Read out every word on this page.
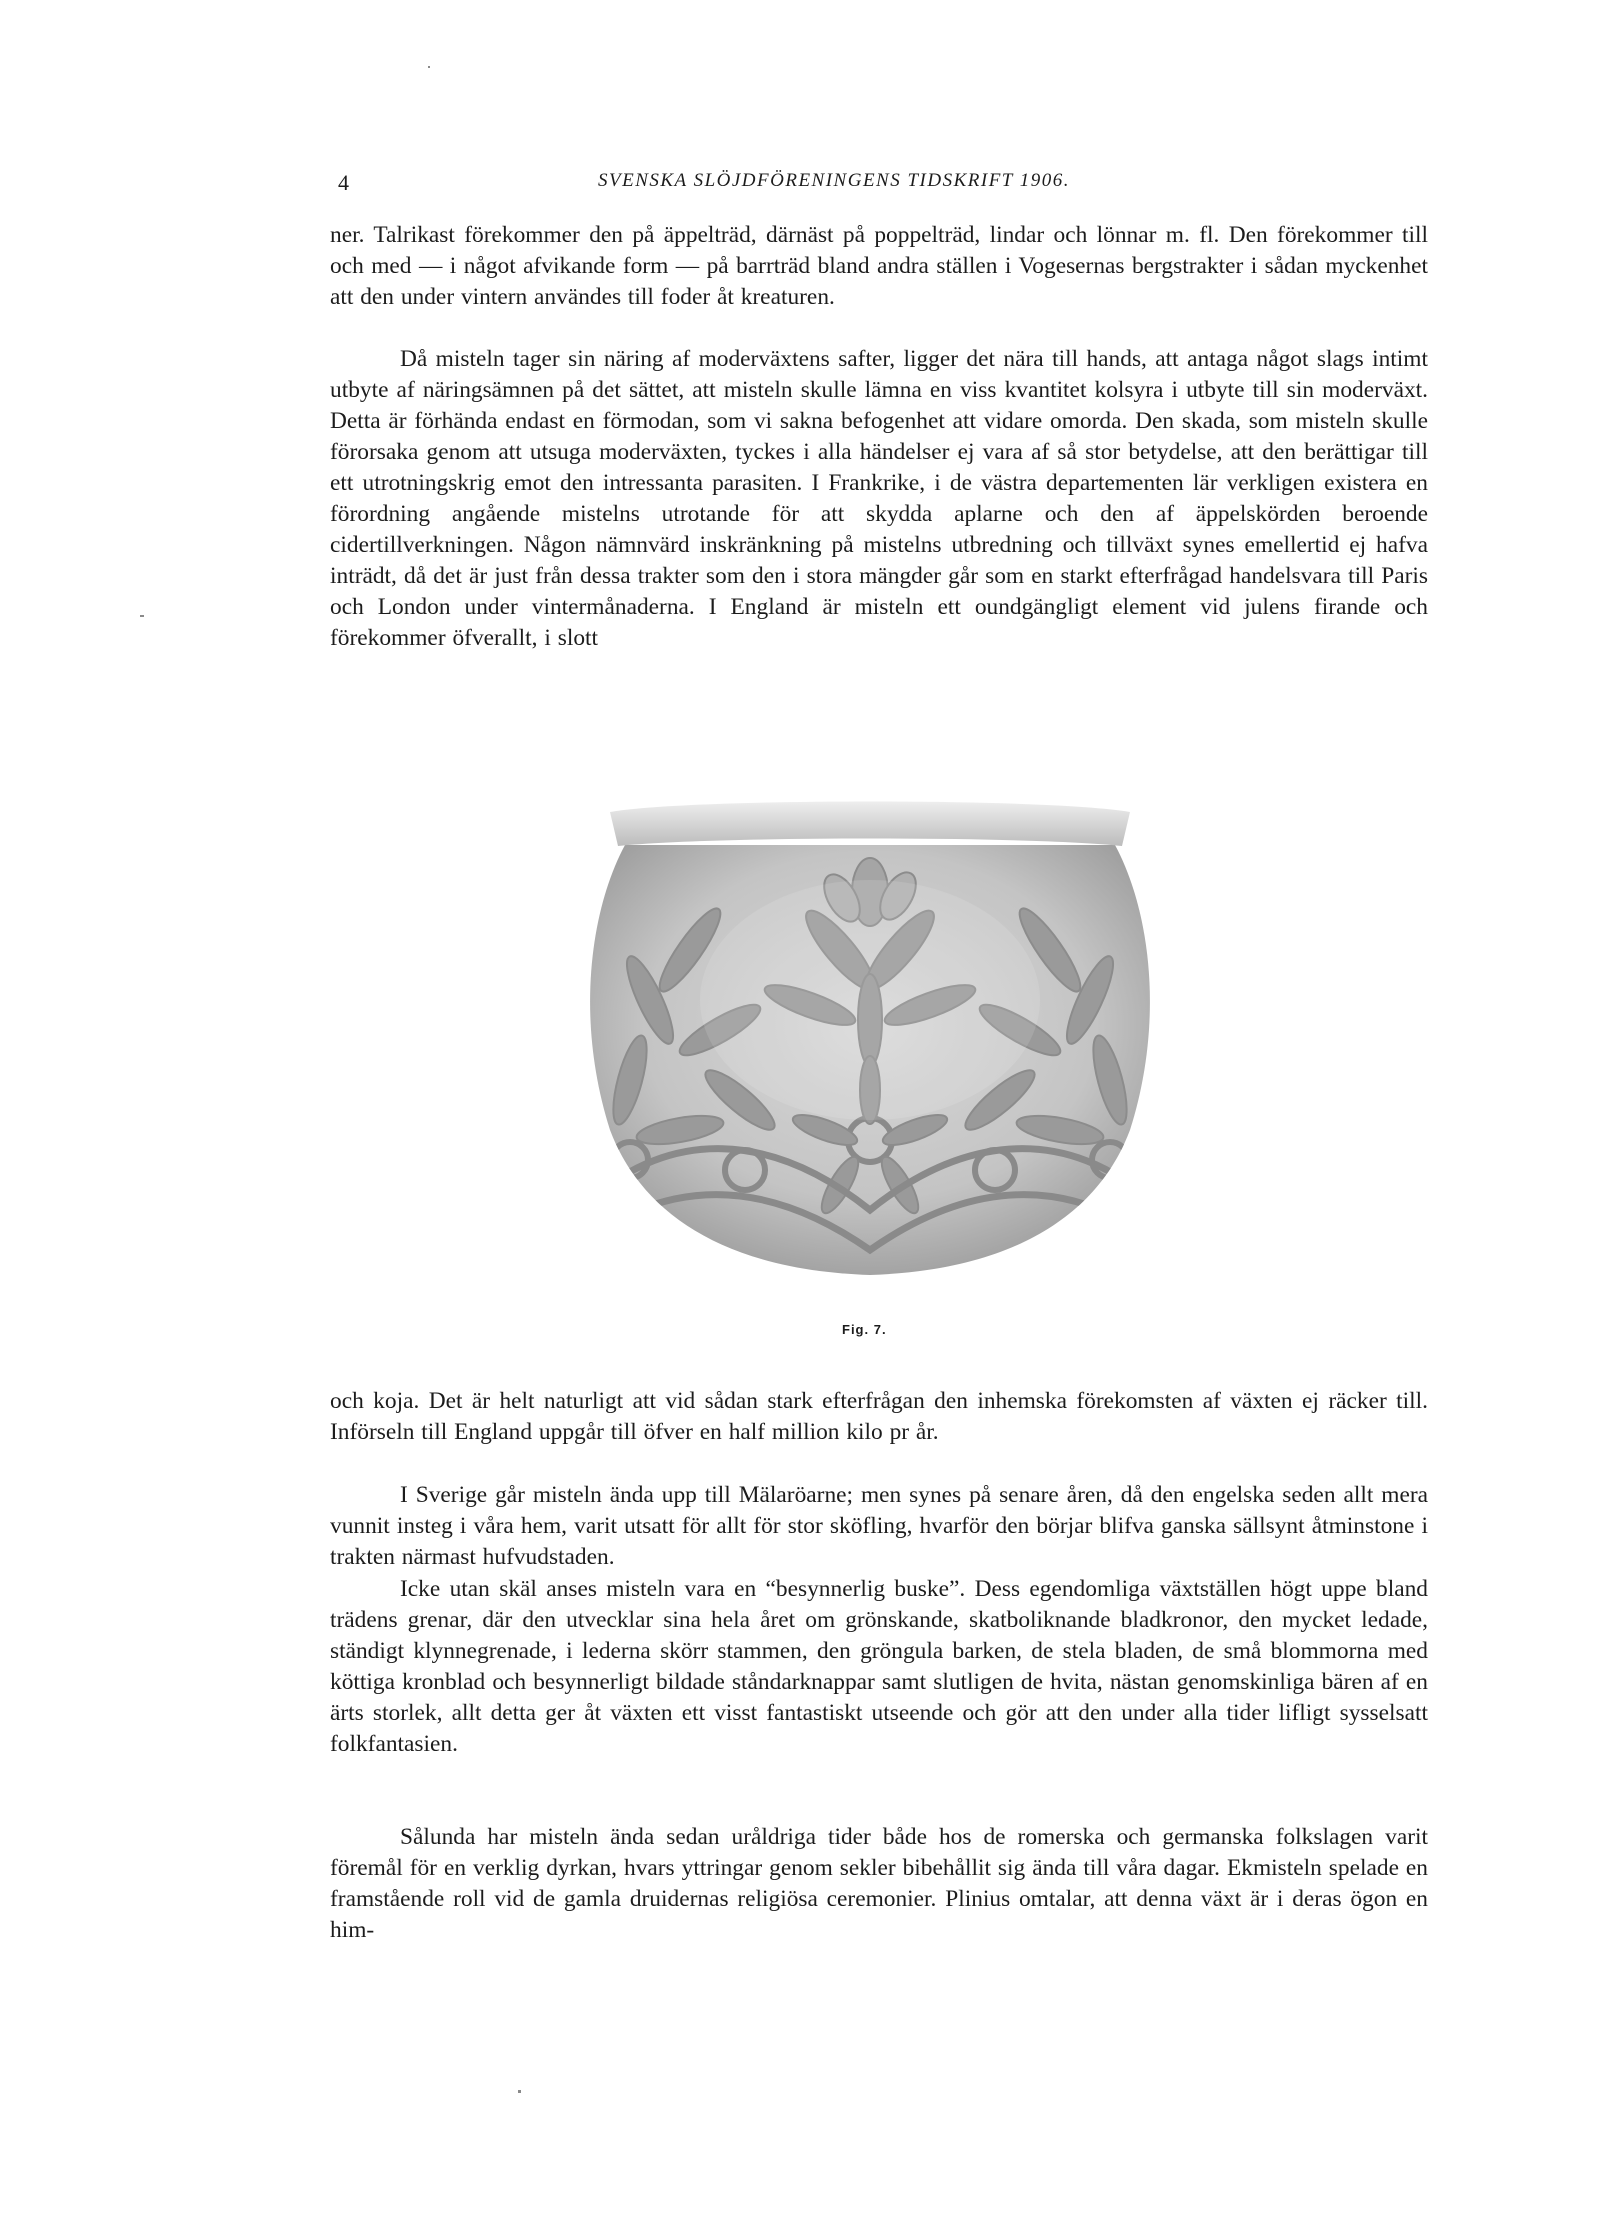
4	SVENSKA SLÖJDFÖRENINGENS TIDSKRIFT 1906.

ner. Talrikast förekommer den på äppelträd, därnäst på poppelträd, lindar och lönnar m. fl. Den förekommer till och med — i något afvikande form — på barrträd bland andra ställen i Vogesernas bergstrakter i sådan myckenhet att den under vintern användes till foder åt kreaturen.

Då misteln tager sin näring af moderväxtens safter, ligger det nära till hands, att antaga något slags intimt utbyte af näringsämnen på det sättet, att misteln skulle lämna en viss kvantitet kolsyra i utbyte till sin moderväxt. Detta är förhända endast en förmodan, som vi sakna befogenhet att vidare omorda. Den skada, som misteln skulle förorsaka genom att utsuga moderväxten, tyckes i alla händelser ej vara af så stor betydelse, att den berättigar till ett utrotningskrig emot den intressanta parasiten. I Frankrike, i de västra departementen lär verkligen existera en förordning angående mistelns utrotande för att skydda aplarne och den af äppelskörden beroende cidertillverkningen. Någon nämnvärd inskränkning på mistelns utbredning och tillväxt synes emellertid ej hafva inträdt, då det är just från dessa trakter som den i stora mängder går som en starkt efterfrågad handelsvara till Paris och London under vintermånaderna. I England är misteln ett oundgängligt element vid julens firande och förekommer öfverallt, i slott

Fig. 7.

och koja. Det är helt naturligt att vid sådan stark efterfrågan den inhemska förekomsten af växten ej räcker till. Införseln till England uppgår till öfver en half million kilo pr år.

I Sverige går misteln ända upp till Mälaröarne; men synes på senare åren, då den engelska seden allt mera vunnit insteg i våra hem, varit utsatt för allt för stor sköfling, hvarför den börjar blifva ganska sällsynt åtminstone i trakten närmast hufvudstaden.

Icke utan skäl anses misteln vara en “besynnerlig buske”. Dess egendomliga växtställen högt uppe bland trädens grenar, där den utvecklar sina hela året om grönskande, skatboliknande bladkronor, den mycket ledade, ständigt klynnegrenade, i lederna skörr stammen, den gröngula barken, de stela bladen, de små blommorna med köttiga kronblad och besynnerligt bildade ståndarknappar samt slutligen de hvita, nästan genomskinliga bären af en ärts storlek, allt detta ger åt växten ett visst fantastiskt utseende och gör att den under alla tider lifligt sysselsatt folkfantasien.

Sålunda har misteln ända sedan uråldriga tider både hos de romerska och germanska folkslagen varit föremål för en verklig dyrkan, hvars yttringar genom sekler bibehållit sig ända till våra dagar. Ekmisteln spelade en framstående roll vid de gamla druidernas religiösa ceremonier. Plinius omtalar, att denna växt är i deras ögon en him-
